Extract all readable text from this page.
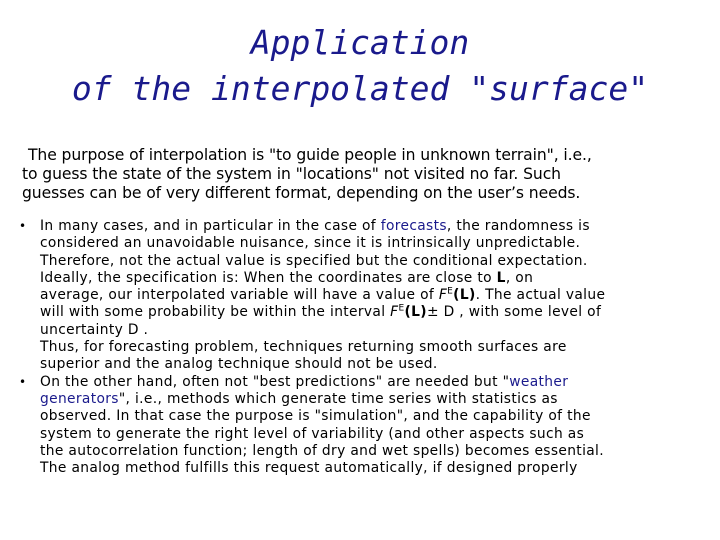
Application
of the interpolated "surface"
The purpose of interpolation is "to guide people in unknown terrain", i.e.,
to guess the state of the system in "locations" not visited no far. Such
guesses can be of very different format, depending on the user’s needs.
• In many cases, and in particular in the case of forecasts, the randomness is
considered an unavoidable nuisance, since it is intrinsically unpredictable.
Therefore, not the actual value is specified but the conditional expectation.
Ideally, the specification is: When the coordinates are close to L, on
average, our interpolated variable will have a value of $F^E(L)$. The actual value
will with some probability be within the interval $F^E(L)\pm D$ , with some level of
uncertainty D .
Thus, for forecasting problem, techniques returning smooth surfaces are
superior and the analog technique should not be used.
• On the other hand, often not "best predictions" are needed but "weather
generators", i.e., methods which generate time series with statistics as
observed. In that case the purpose is "simulation", and the capability of the
system to generate the right level of variability (and other aspects such as
the autocorrelation function; length of dry and wet spells) becomes essential.
The analog method fulfills this request automatically, if designed properly
